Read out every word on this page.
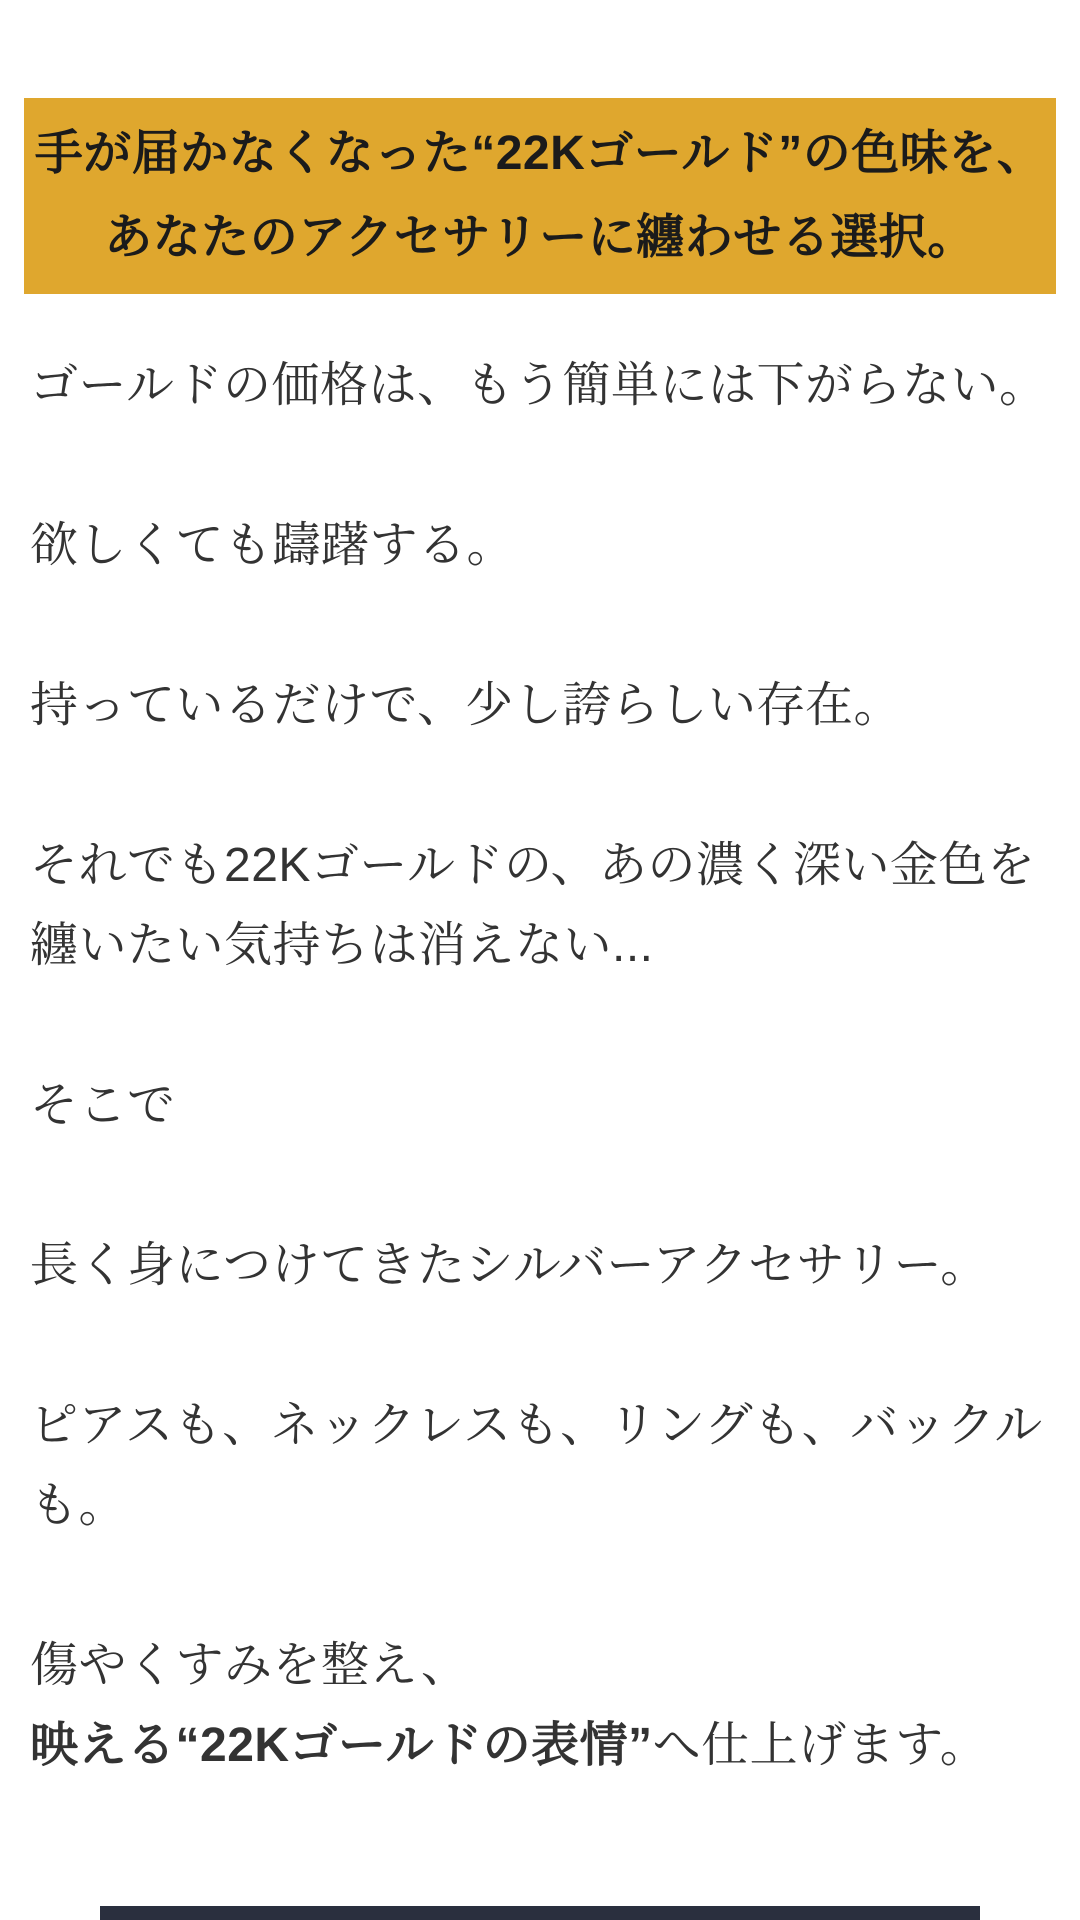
手が届かなくなった“22Kゴールド”の色味を、
あなたのアクセサリーに纏わせる選択。

ゴールドの価格は、もう簡単には下がらない。

欲しくても躊躇する。

持っているだけで、少し誇らしい存在。

それでも22Kゴールドの、あの濃く深い金色を
纏いたい気持ちは消えない...

そこで

長く身につけてきたシルバーアクセサリー。

ピアスも、ネックレスも、リングも、バックル
も。

傷やくすみを整え、
映える“22Kゴールドの表情”へ仕上げます。
